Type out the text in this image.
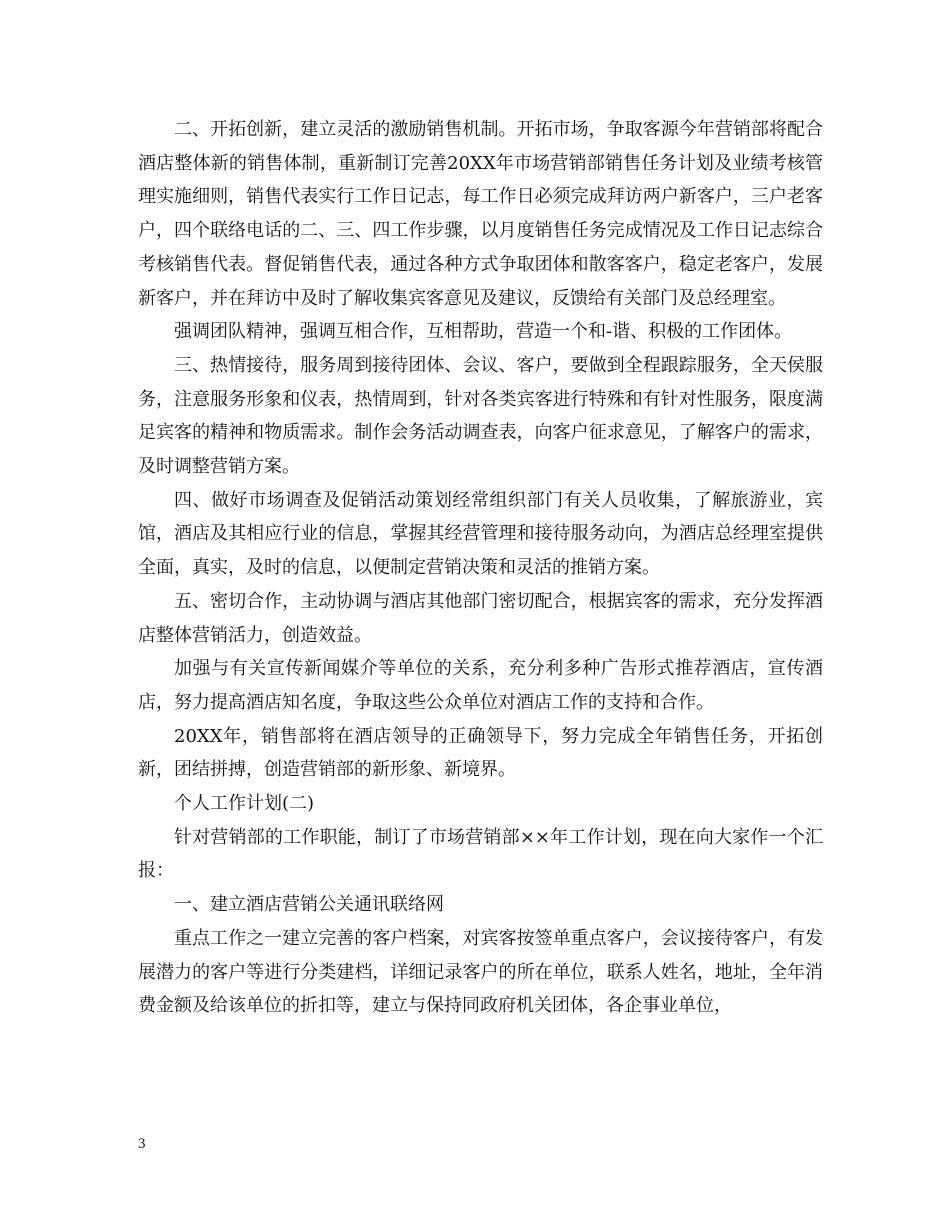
二、开拓创新，建立灵活的激励销售机制。开拓市场，争取客源今年营销部将配合酒店整体新的销售体制，重新制订完善20XX年市场营销部销售任务计划及业绩考核管理实施细则，销售代表实行工作日记志，每工作日必须完成拜访两户新客户，三户老客户，四个联络电话的二、三、四工作步骤，以月度销售任务完成情况及工作日记志综合考核销售代表。督促销售代表，通过各种方式争取团体和散客客户，稳定老客户，发展新客户，并在拜访中及时了解收集宾客意见及建议，反馈给有关部门及总经理室。

强调团队精神，强调互相合作，互相帮助，营造一个和-谐、积极的工作团体。

三、热情接待，服务周到接待团体、会议、客户，要做到全程跟踪服务，全天侯服务，注意服务形象和仪表，热情周到，针对各类宾客进行特殊和有针对性服务，限度满足宾客的精神和物质需求。制作会务活动调查表，向客户征求意见，了解客户的需求，及时调整营销方案。

四、做好市场调查及促销活动策划经常组织部门有关人员收集，了解旅游业，宾馆，酒店及其相应行业的信息，掌握其经营管理和接待服务动向，为酒店总经理室提供全面，真实，及时的信息，以便制定营销决策和灵活的推销方案。

五、密切合作，主动协调与酒店其他部门密切配合，根据宾客的需求，充分发挥酒店整体营销活力，创造效益。

加强与有关宣传新闻媒介等单位的关系，充分利多种广告形式推荐酒店，宣传酒店，努力提高酒店知名度，争取这些公众单位对酒店工作的支持和合作。

20XX年，销售部将在酒店领导的正确领导下，努力完成全年销售任务，开拓创新，团结拼搏，创造营销部的新形象、新境界。

个人工作计划(二)

针对营销部的工作职能，制订了市场营销部××年工作计划，现在向大家作一个汇报：

一、建立酒店营销公关通讯联络网

重点工作之一建立完善的客户档案，对宾客按签单重点客户，会议接待客户，有发展潜力的客户等进行分类建档，详细记录客户的所在单位，联系人姓名，地址，全年消费金额及给该单位的折扣等，建立与保持同政府机关团体，各企事业单位，

3
